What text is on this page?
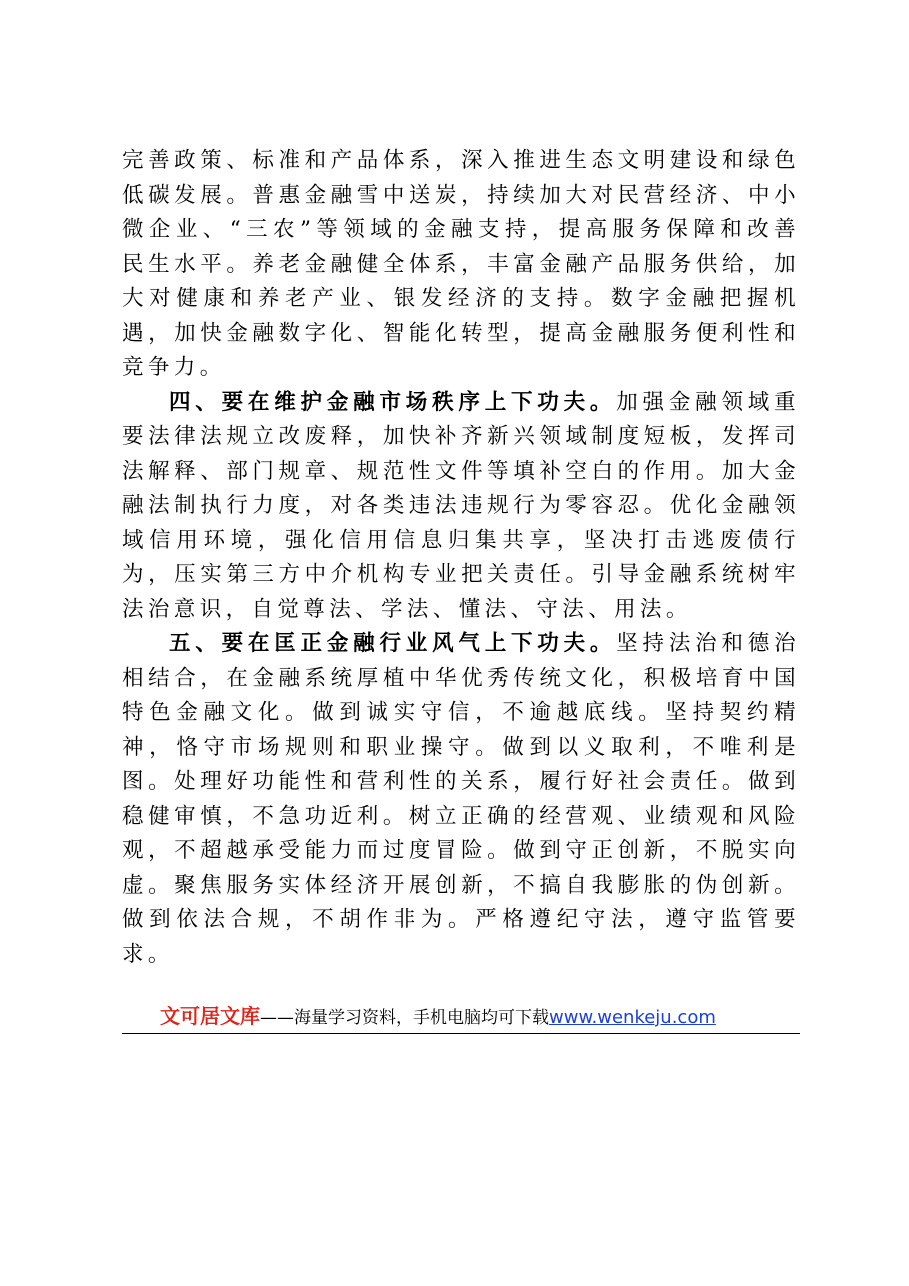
完善政策、标准和产品体系，深入推进生态文明建设和绿色低碳发展。普惠金融雪中送炭，持续加大对民营经济、中小微企业、“三农”等领域的金融支持，提高服务保障和改善民生水平。养老金融健全体系，丰富金融产品服务供给，加大对健康和养老产业、银发经济的支持。数字金融把握机遇，加快金融数字化、智能化转型，提高金融服务便利性和竞争力。

四、要在维护金融市场秩序上下功夫。加强金融领域重要法律法规立改废释，加快补齐新兴领域制度短板，发挥司法解释、部门规章、规范性文件等填补空白的作用。加大金融法制执行力度，对各类违法违规行为零容忍。优化金融领域信用环境，强化信用信息归集共享，坚决打击逃废债行为，压实第三方中介机构专业把关责任。引导金融系统树牢法治意识，自觉尊法、学法、懂法、守法、用法。

五、要在匡正金融行业风气上下功夫。坚持法治和德治相结合，在金融系统厚植中华优秀传统文化，积极培育中国特色金融文化。做到诚实守信，不逾越底线。坚持契约精神，恪守市场规则和职业操守。做到以义取利，不唯利是图。处理好功能性和营利性的关系，履行好社会责任。做到稳健审慎，不急功近利。树立正确的经营观、业绩观和风险观，不超越承受能力而过度冒险。做到守正创新，不脱实向虚。聚焦服务实体经济开展创新，不搞自我膨胀的伪创新。做到依法合规，不胡作非为。严格遵纪守法，遵守监管要求。

文可居文库——海量学习资料，手机电脑均可下载www.wenkeju.com
